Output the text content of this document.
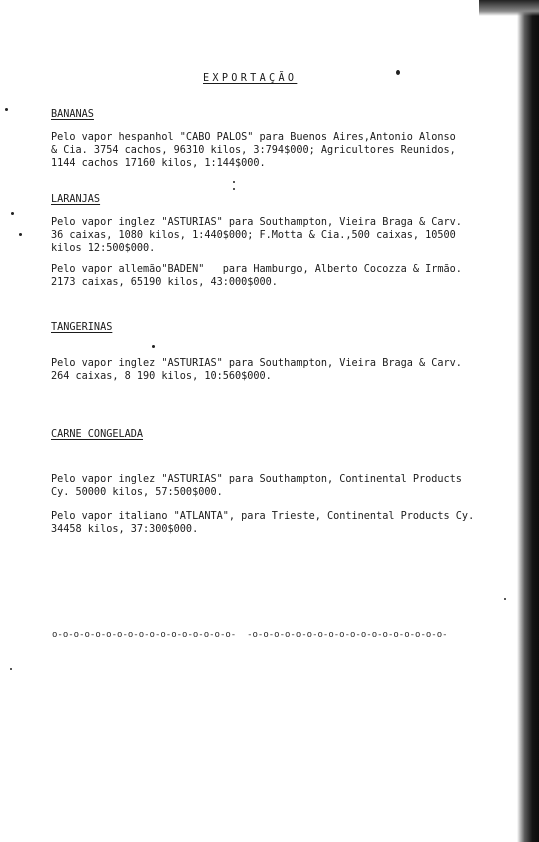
EXPORTAÇÃO
BANANAS
Pelo vapor hespanhol "CABO PALOS" para Buenos Aires,Antonio Alonso
& Cia. 3754 cachos, 96310 kilos, 3:794$000; Agricultores Reunidos,
1144 cachos 17160 kilos, 1:144$000.
LARANJAS
Pelo vapor inglez "ASTURIAS" para Southampton, Vieira Braga & Carv.
36 caixas, 1080 kilos, 1:440$000; F.Motta & Cia.,500 caixas, 10500
kilos 12:500$000.
Pelo vapor allemão"BADEN"   para Hamburgo, Alberto Cocozza & Irmão.
2173 caixas, 65190 kilos, 43:000$000.
TANGERINAS
Pelo vapor inglez "ASTURIAS" para Southampton, Vieira Braga & Carv.
264 caixas, 8 190 kilos, 10:560$000.
CARNE CONGELADA
Pelo vapor inglez "ASTURIAS" para Southampton, Continental Products
Cy. 50000 kilos, 57:500$000.
Pelo vapor italiano "ATLANTA", para Trieste, Continental Products Cy.
34458 kilos, 37:300$000.
o-o-o-o-o-o-o-o-o-o-o-o-o-o-o-o-o-  -o-o-o-o-o-o-o-o-o-o-o-o-o-o-o-o-o-o-
